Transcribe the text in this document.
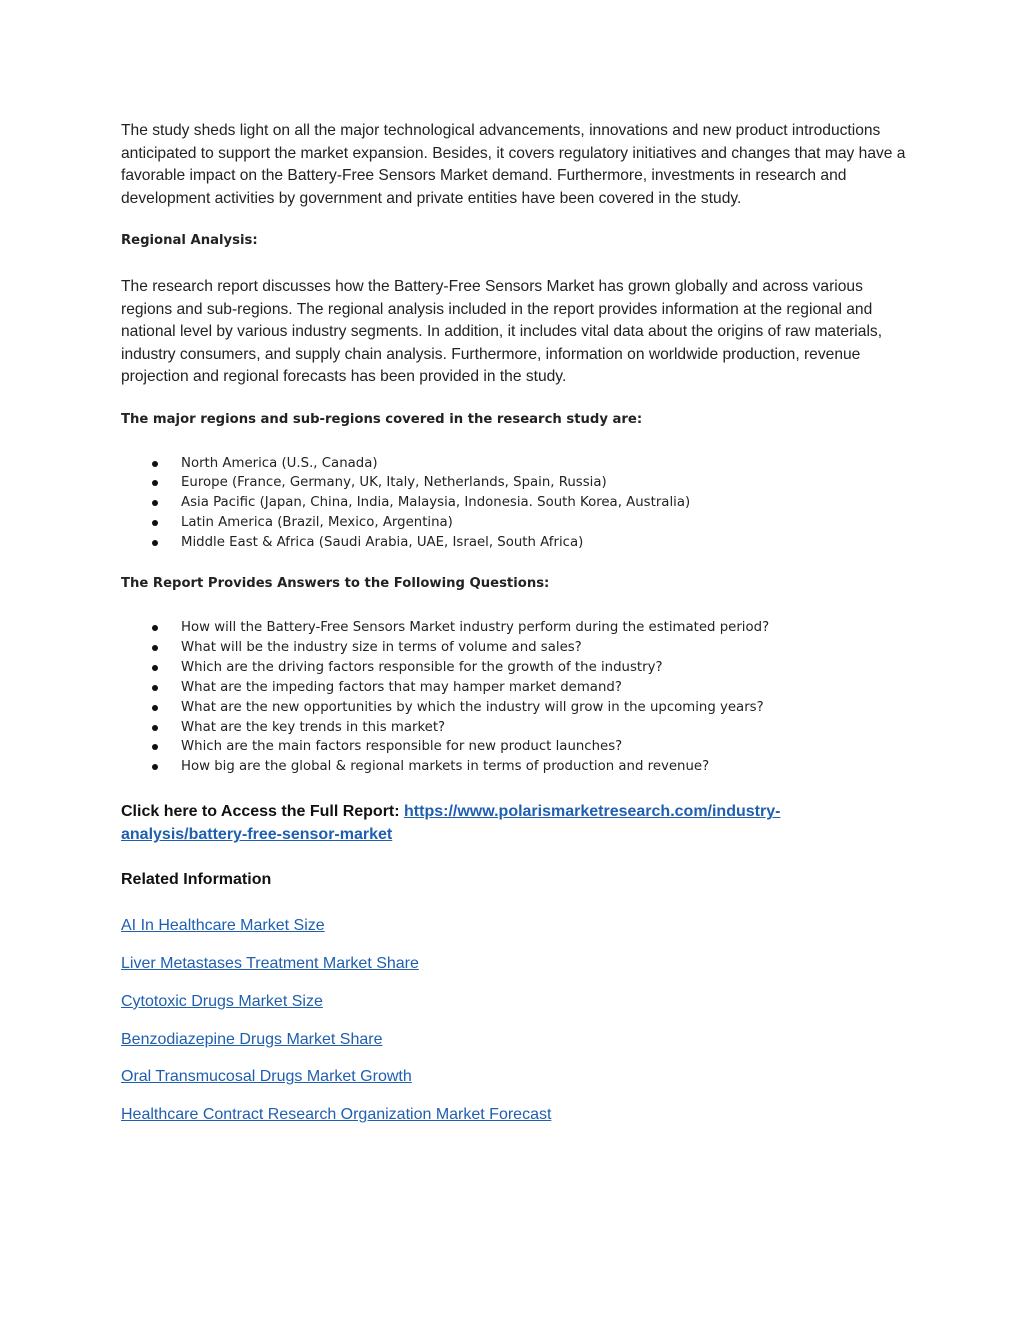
The study sheds light on all the major technological advancements, innovations and new product introductions anticipated to support the market expansion. Besides, it covers regulatory initiatives and changes that may have a favorable impact on the Battery-Free Sensors Market demand. Furthermore, investments in research and development activities by government and private entities have been covered in the study.

Regional Analysis:

The research report discusses how the Battery-Free Sensors Market has grown globally and across various regions and sub-regions. The regional analysis included in the report provides information at the regional and national level by various industry segments. In addition, it includes vital data about the origins of raw materials, industry consumers, and supply chain analysis. Furthermore, information on worldwide production, revenue projection and regional forecasts has been provided in the study.

The major regions and sub-regions covered in the research study are:

North America (U.S., Canada)
Europe (France, Germany, UK, Italy, Netherlands, Spain, Russia)
Asia Pacific (Japan, China, India, Malaysia, Indonesia. South Korea, Australia)
Latin America (Brazil, Mexico, Argentina)
Middle East & Africa (Saudi Arabia, UAE, Israel, South Africa)

The Report Provides Answers to the Following Questions:

How will the Battery-Free Sensors Market industry perform during the estimated period?
What will be the industry size in terms of volume and sales?
Which are the driving factors responsible for the growth of the industry?
What are the impeding factors that may hamper market demand?
What are the new opportunities by which the industry will grow in the upcoming years?
What are the key trends in this market?
Which are the main factors responsible for new product launches?
How big are the global & regional markets in terms of production and revenue?

Click here to Access the Full Report: https://www.polarismarketresearch.com/industry-
analysis/battery-free-sensor-market

Related Information

AI In Healthcare Market Size

Liver Metastases Treatment Market Share

Cytotoxic Drugs Market Size

Benzodiazepine Drugs Market Share

Oral Transmucosal Drugs Market Growth

Healthcare Contract Research Organization Market Forecast
